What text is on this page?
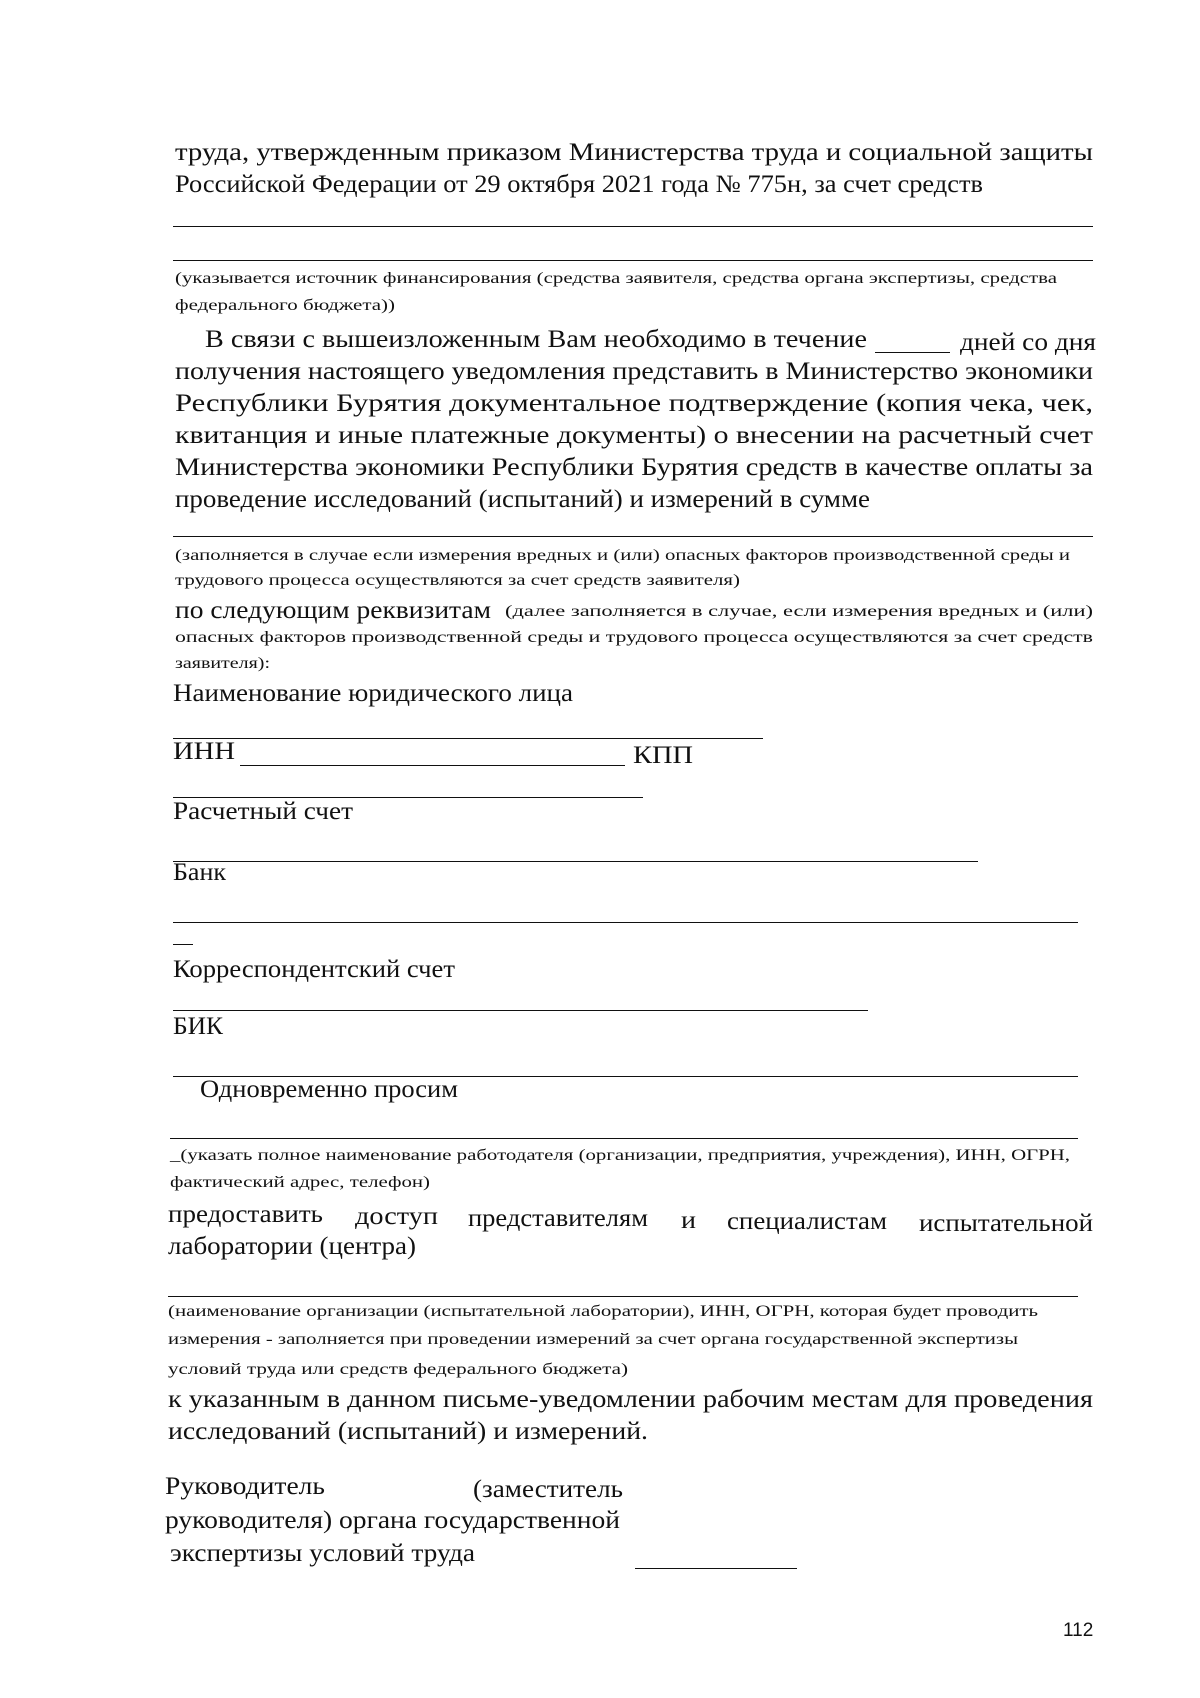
труда, утвержденным приказом Министерства труда и социальной защиты
Российской Федерации от 29 октября 2021 года № 775н, за счет средств
(указывается источник финансирования (средства заявителя, средства органа экспертизы, средства
федерального бюджета))
В связи с вышеизложенным Вам необходимо в течение	дней со дня
получения настоящего уведомления представить в Министерство экономики
Республики Бурятия документальное подтверждение (копия чека, чек,
квитанция и иные платежные документы) о внесении на расчетный счет
Министерства экономики Республики Бурятия средств в качестве оплаты за
проведение исследований (испытаний) и измерений в сумме
(заполняется в случае если измерения вредных и (или) опасных факторов производственной среды и
трудового процесса осуществляются за счет средств заявителя)
по следующим реквизитам (далее заполняется в случае, если измерения вредных и (или)
опасных факторов производственной среды и трудового процесса осуществляются за счет средств
заявителя):
Наименование юридического лица
ИНН	КПП
Расчетный счет
Банк
Корреспондентский счет
БИК
Одновременно просим
_(указать полное наименование работодателя (организации, предприятия, учреждения), ИНН, ОГРН,
фактический адрес, телефон)
предоставить доступ представителям и специалистам испытательной
лаборатории (центра)
(наименование организации (испытательной лаборатории), ИНН, ОГРН, которая будет проводить
измерения - заполняется при проведении измерений за счет органа государственной экспертизы
условий труда или средств федерального бюджета)
к указанным в данном письме-уведомлении рабочим местам для проведения
исследований (испытаний) и измерений.
Руководитель	(заместитель
руководителя) органа государственной
экспертизы условий труда
112
